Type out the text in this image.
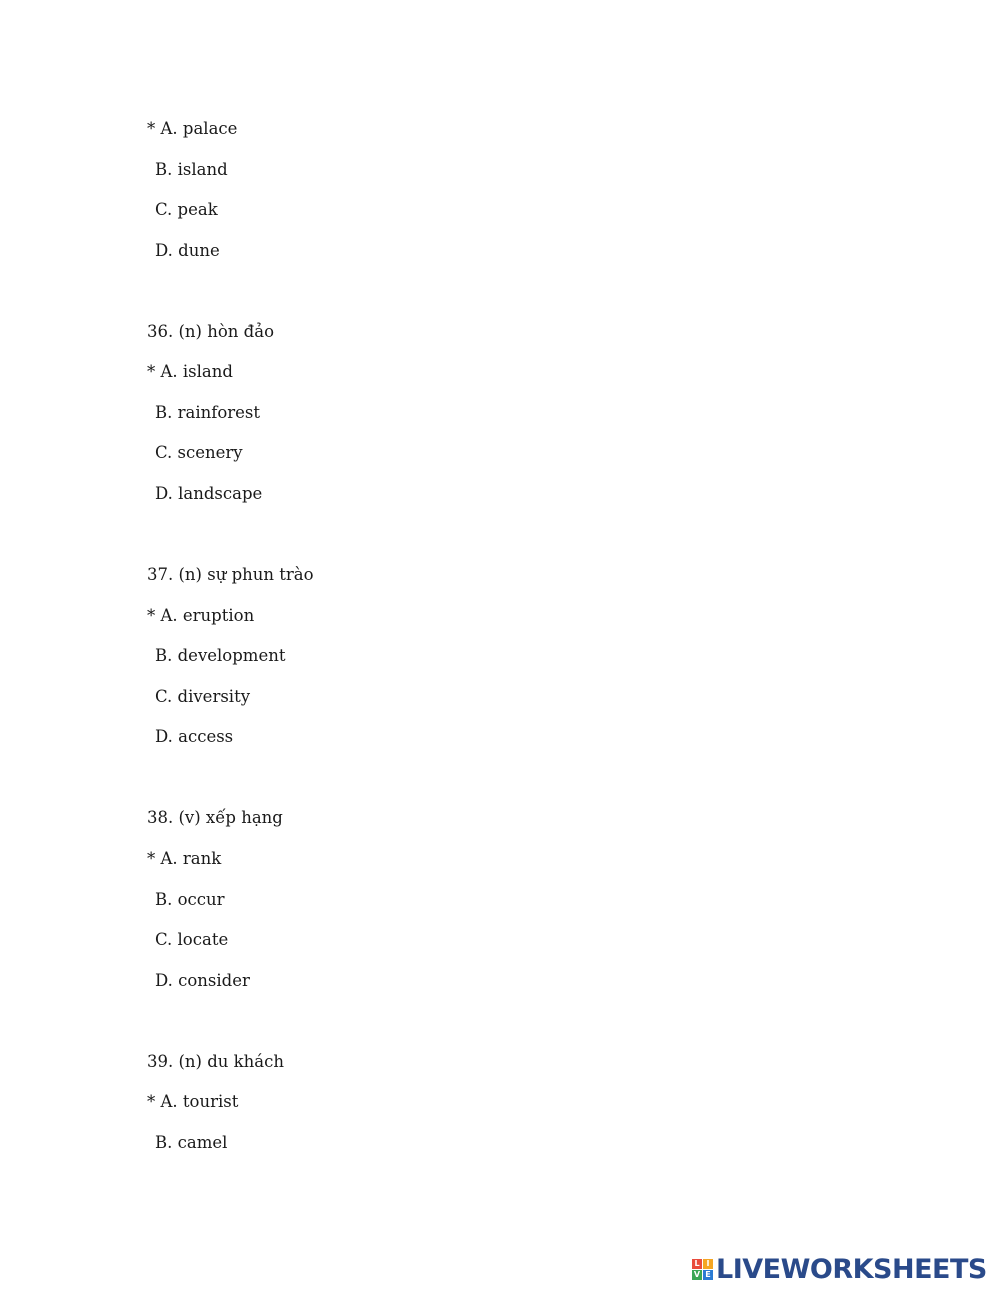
* A. palace
B. island
C. peak
D. dune
36. (n) hòn đảo
* A. island
B. rainforest
C. scenery
D. landscape
37. (n) sự phun trào
* A. eruption
B. development
C. diversity
D. access
38. (v) xếp hạng
* A. rank
B. occur
C. locate
D. consider
39. (n) du khách
* A. tourist
B. camel
L I
V E LIVEWORKSHEETS
